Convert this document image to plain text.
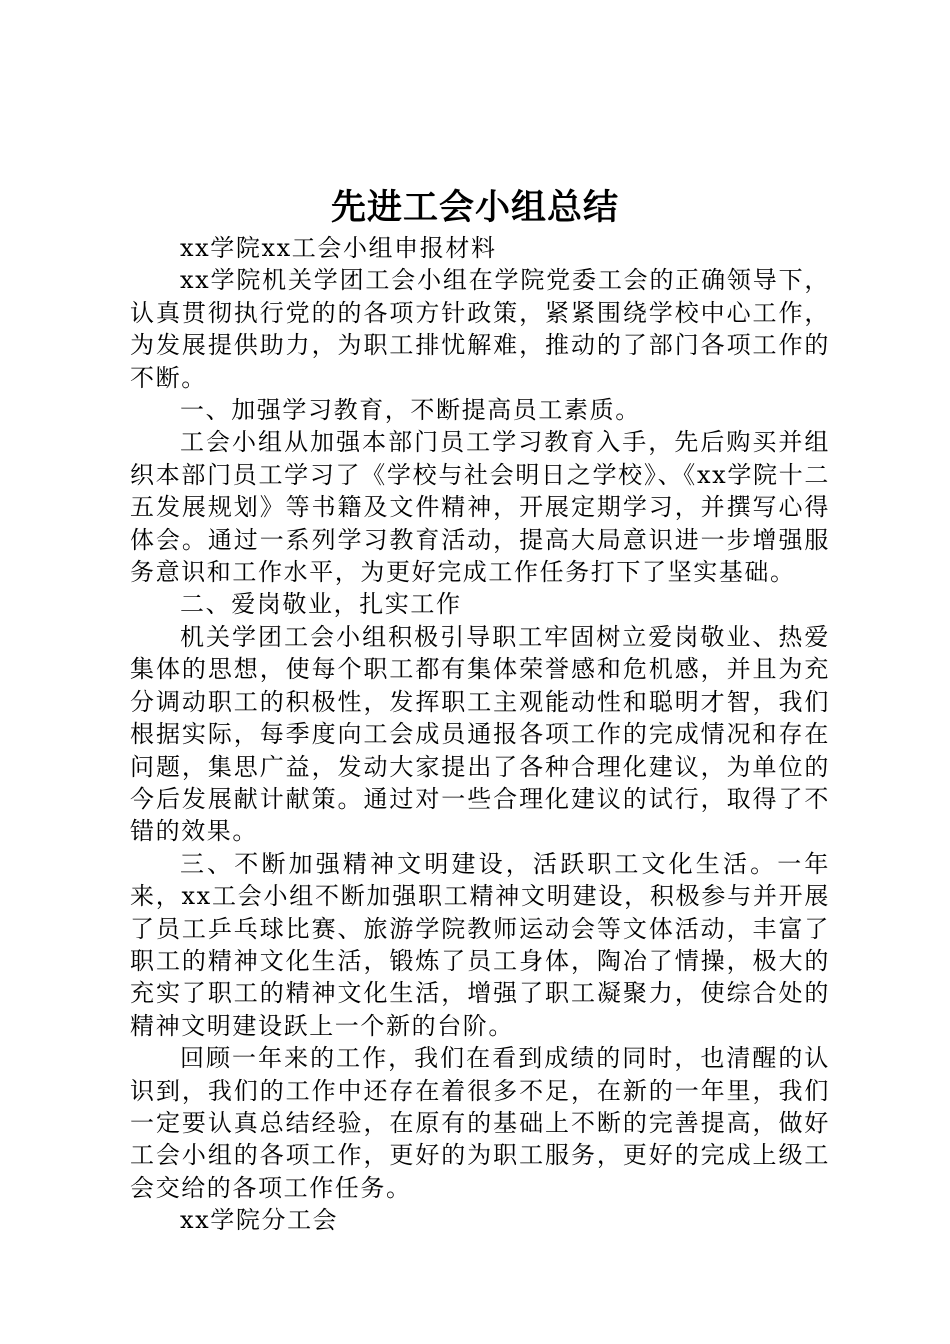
先进工会小组总结

xx学院xx工会小组申报材料

xx学院机关学团工会小组在学院党委工会的正确领导下，认真贯彻执行党的的各项方针政策，紧紧围绕学校中心工作，为发展提供助力，为职工排忧解难，推动的了部门各项工作的不断。

一、加强学习教育，不断提高员工素质。

工会小组从加强本部门员工学习教育入手，先后购买并组织本部门员工学习了《学校与社会明日之学校》、《xx学院十二五发展规划》等书籍及文件精神，开展定期学习，并撰写心得体会。通过一系列学习教育活动，提高大局意识进一步增强服务意识和工作水平，为更好完成工作任务打下了坚实基础。

二、爱岗敬业，扎实工作

机关学团工会小组积极引导职工牢固树立爱岗敬业、热爱集体的思想，使每个职工都有集体荣誉感和危机感，并且为充分调动职工的积极性，发挥职工主观能动性和聪明才智，我们根据实际，每季度向工会成员通报各项工作的完成情况和存在问题，集思广益，发动大家提出了各种合理化建议，为单位的今后发展献计献策。通过对一些合理化建议的试行，取得了不错的效果。

三、不断加强精神文明建设，活跃职工文化生活。一年来，xx工会小组不断加强职工精神文明建设，积极参与并开展了员工乒乓球比赛、旅游学院教师运动会等文体活动，丰富了职工的精神文化生活，锻炼了员工身体，陶冶了情操，极大的充实了职工的精神文化生活，增强了职工凝聚力，使综合处的精神文明建设跃上一个新的台阶。

回顾一年来的工作，我们在看到成绩的同时，也清醒的认识到，我们的工作中还存在着很多不足，在新的一年里，我们一定要认真总结经验，在原有的基础上不断的完善提高，做好工会小组的各项工作，更好的为职工服务，更好的完成上级工会交给的各项工作任务。

xx学院分工会
